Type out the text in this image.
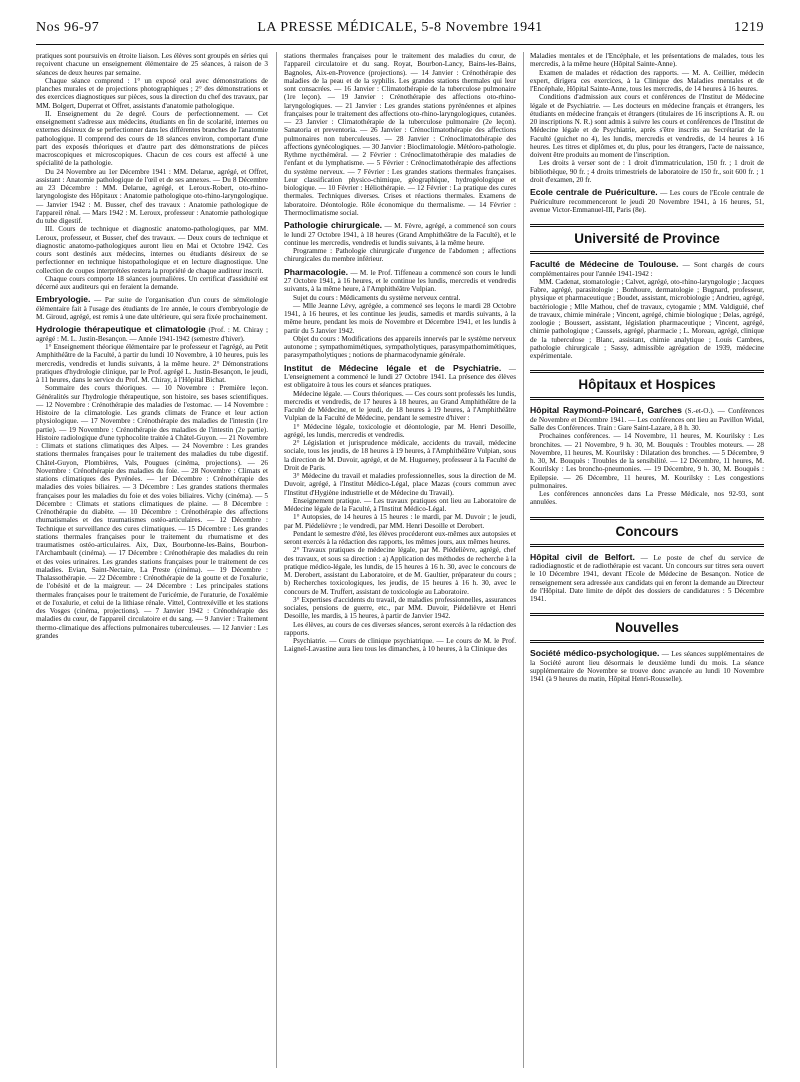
Nos 96-97	LA PRESSE MÉDICALE, 5-8 Novembre 1941	1219

pratiques sont poursuivis en étroite liaison. Les élèves sont groupés en séries qui reçoivent chacune un enseignement élémentaire de 25 séances, à raison de 3 séances de deux heures par semaine.

Chaque séance comprend : 1° un exposé oral avec démonstrations de planches murales et de projections photographiques ; 2° des démonstrations et des exercices diagnostiques sur pièces, sous la direction du chef des travaux, par MM. Bolgert, Duperrat et Offret, assistants d'anatomie pathologique.

II. Enseignement du 2e degré. Cours de perfectionnement. — Cet enseignement s'adresse aux médecins, étudiants en fin de scolarité, internes ou externes désireux de se perfectionner dans les différentes branches de l'anatomie pathologique. Il comprend des cours de 18 séances environ, comportant d'une part des exposés théoriques et d'autre part des démonstrations de pièces macroscopiques et microscopiques. Chacun de ces cours est affecté à une spécialité de la pathologie.

Du 24 Novembre au 1er Décembre 1941 : MM. Delarue, agrégé, et Offret, assistant : Anatomie pathologique de l'œil et de ses annexes. — Du 8 Décembre au 23 Décembre : MM. Delarue, agrégé, et Leroux-Robert, oto-rhino-laryngologiste des Hôpitaux : Anatomie pathologique oto-rhino-laryngologique. — Janvier 1942 : M. Busser, chef des travaux : Anatomie pathologique de l'appareil rénal. — Mars 1942 : M. Leroux, professeur : Anatomie pathologique du tube digestif.

III. Cours de technique et diagnostic anatomo-pathologiques, par MM. Leroux, professeur, et Busser, chef des travaux. — Deux cours de technique et diagnostic anatomo-pathologiques auront lieu en Mai et Octobre 1942. Ces cours sont destinés aux médecins, internes ou étudiants désireux de se perfectionner en technique histopathologique et en lecture diagnostique. Une collection de coupes interprétées restera la propriété de chaque auditeur inscrit.

Chaque cours comporte 18 séances journalières. Un certificat d'assiduité est décerné aux auditeurs qui en feraient la demande.

Embryologie. — Par suite de l'organisation d'un cours de séméiologie élémentaire fait à l'usage des étudiants de 1re année, le cours d'embryologie de M. Giroud, agrégé, est remis à une date ultérieure, qui sera fixée prochainement.

Hydrologie thérapeutique et climatologie (Prof. : M. Chiray ; agrégé : M. L. Justin-Besançon. — Année 1941-1942 (semestre d'hiver).

1° Enseignement théorique élémentaire par le professeur et l'agrégé, au Petit Amphithéâtre de la Faculté, à partir du lundi 10 Novembre, à 10 heures, puis les mercredis, vendredis et lundis suivants, à la même heure. 2° Démonstrations pratiques d'hydrologie clinique, par le Prof. agrégé L. Justin-Besançon, le jeudi, à 11 heures, dans le service du Prof. M. Chiray, à l'Hôpital Bichat.

Sommaire des cours théoriques. — 10 Novembre : Première leçon. Généralités sur l'hydrologie thérapeutique, son histoire, ses bases scientifiques. — 12 Novembre : Crénothérapie des maladies de l'estomac. — 14 Novembre : Histoire de la climatologie. Les grands climats de France et leur action physiologique. — 17 Novembre : Crénothérapie des maladies de l'intestin (1re partie). — 19 Novembre : Crénothérapie des maladies de l'intestin (2e partie). Histoire radiologique d'une typhocolite traitée à Châtel-Guyon. — 21 Novembre : Climats et stations climatiques des Alpes. — 24 Novembre : Les grandes stations thermales françaises pour le traitement des maladies du tube digestif. Châtel-Guyon, Plombières, Vals, Pougues (cinéma, projections). — 26 Novembre : Crénothérapie des maladies du foie. — 28 Novembre : Climats et stations climatiques des Pyrénées. — 1er Décembre : Crénothérapie des maladies des voies biliaires. — 3 Décembre : Les grandes stations thermales françaises pour les maladies du foie et des voies biliaires. Vichy (cinéma). — 5 Décembre : Climats et stations climatiques de plaine. — 8 Décembre : Crénothérapie du diabète. — 10 Décembre : Crénothérapie des affections rhumatismales et des traumatismes ostéo-articulaires. — 12 Décembre : Technique et surveillance des cures climatiques. — 15 Décembre : Les grandes stations thermales françaises pour le traitement du rhumatisme et des traumatismes ostéo-articulaires. Aix, Dax, Bourbonne-les-Bains, Bourbon-l'Archambault (cinéma). — 17 Décembre : Crénothérapie des maladies du rein et des voies urinaires. Les grandes stations françaises pour le traitement de ces maladies. Evian, Saint-Nectaire, La Preste (cinéma). — 19 Décembre : Thalassothérapie. — 22 Décembre : Crénothérapie de la goutte et de l'oxalurie, de l'obésité et de la maigreur. — 24 Décembre : Les principales stations thermales françaises pour le traitement de l'uricémie, de l'uraturie, de l'oxalémie et de l'oxalurie, et celui de la lithiase rénale. Vittel, Contrexéville et les stations des Vosges (cinéma, projections). — 7 Janvier 1942 : Crénothérapie des maladies du cœur, de l'appareil circulatoire et du sang. — 9 Janvier : Traitement thermo-climatique des affections pulmonaires tuberculeuses. — 12 Janvier : Les grandes

stations thermales françaises pour le traitement des maladies du cœur, de l'appareil circulatoire et du sang. Royat, Bourbon-Lancy, Bains-les-Bains, Bagnoles, Aix-en-Provence (projections). — 14 Janvier : Crénothérapie des maladies de la peau et de la syphilis. Les grandes stations thermales qui leur sont consacrées. — 16 Janvier : Climatothérapie de la tuberculose pulmonaire (1re leçon). — 19 Janvier : Crénothérapie des affections oto-rhino-laryngologiques. — 21 Janvier : Les grandes stations pyrénéennes et alpines françaises pour le traitement des affections oto-rhino-laryngologiques, cutanées. — 23 Janvier : Climatothérapie de la tuberculose pulmonaire (2e leçon). Sanatoria et preventoria. — 26 Janvier : Crénoclimatothérapie des affections pulmonaires non tuberculeuses. — 28 Janvier : Crénoclimatothérapie des affections gynécologiques. — 30 Janvier : Bioclimatologie. Météoro-pathologie. Rythme nycthéméral. — 2 Février : Crénoclimatothérapie des maladies de l'enfant et du lymphatisme. — 5 Février : Crénoclimatothérapie des affections du système nerveux. — 7 Février : Les grandes stations thermales françaises. Leur classification physico-chimique, géographique, hydrogéologique et biologique. — 10 Février : Héliothérapie. — 12 Février : La pratique des cures thermales. Techniques diverses. Crises et réactions thermales. Examens de laboratoire. Déontologie. Rôle économique du thermalisme. — 14 Février : Thermoclimatisme social.

Pathologie chirurgicale. — M. Fèvre, agrégé, a commencé son cours le lundi 27 Octobre 1941, à 18 heures (Grand Amphithéâtre de la Faculté), et le continue les mercredis, vendredis et lundis suivants, à la même heure.

Programme : Pathologie chirurgicale d'urgence de l'abdomen ; affections chirurgicales du membre inférieur.

Pharmacologie. — M. le Prof. Tiffeneau a commencé son cours le lundi 27 Octobre 1941, à 16 heures, et le continue les lundis, mercredis et vendredis suivants, à la même heure, à l'Amphithéâtre Vulpian.

Sujet du cours : Médicaments du système nerveux central.

— Mlle Jeanne Lévy, agrégée, a commencé ses leçons le mardi 28 Octobre 1941, à 16 heures, et les continue les jeudis, samedis et mardis suivants, à la même heure, pendant les mois de Novembre et Décembre 1941, et les lundis à partir du 5 Janvier 1942.

Objet du cours : Modifications des appareils innervés par le système nerveux autonome ; sympathomimétiques, sympatholytiques, parasympathomimétiques, parasympatholytiques ; notions de pharmacodynamie générale.

Institut de Médecine légale et de Psychiatrie. — L'enseignement a commencé le lundi 27 Octobre 1941. La présence des élèves est obligatoire à tous les cours et séances pratiques.

Médecine légale. — Cours théoriques. — Ces cours sont professés les lundis, mercredis et vendredis, de 17 heures à 18 heures, au Grand Amphithéâtre de la Faculté de Médecine, et le jeudi, de 18 heures à 19 heures, à l'Amphithéâtre Vulpian de la Faculté de Médecine, pendant le semestre d'hiver :

1° Médecine légale, toxicologie et déontologie, par M. Henri Desoille, agrégé, les lundis, mercredis et vendredis.

2° Législation et jurisprudence médicale, accidents du travail, médecine sociale, tous les jeudis, de 18 heures à 19 heures, à l'Amphithéâtre Vulpian, sous la direction de M. Duvoir, agrégé, et de M. Hugueney, professeur à la Faculté de Droit de Paris.

3° Médecine du travail et maladies professionnelles, sous la direction de M. Duvoir, agrégé, à l'Institut Médico-Légal, place Mazas (cours commun avec l'Institut d'Hygiène industrielle et de Médecine du Travail).

Enseignement pratique. — Les travaux pratiques ont lieu au Laboratoire de Médecine légale de la Faculté, à l'Institut Médico-Légal.

1° Autopsies, de 14 heures à 15 heures : le mardi, par M. Duvoir ; le jeudi, par M. Piédelièvre ; le vendredi, par MM. Henri Desoille et Derobert.

Pendant le semestre d'été, les élèves procéderont eux-mêmes aux autopsies et seront exercés à la rédaction des rapports, les mêmes jours, aux mêmes heures.

2° Travaux pratiques de médecine légale, par M. Piédelièvre, agrégé, chef des travaux, et sous sa direction : a) Application des méthodes de recherche à la pratique médico-légale, les lundis, de 15 heures à 16 h. 30, avec le concours de M. Derobert, assistant du Laboratoire, et de M. Gaultier, préparateur du cours ; b) Recherches toxicologiques, les jeudis, de 15 heures à 16 h. 30, avec le concours de M. Truffert, assistant de toxicologie au Laboratoire.

3° Expertises d'accidents du travail, de maladies professionnelles, assurances sociales, pensions de guerre, etc., par MM. Duvoir, Piédelièvre et Henri Desoille, les mardis, à 15 heures, à partir de Janvier 1942.

Les élèves, au cours de ces diverses séances, seront exercés à la rédaction des rapports.

Psychiatrie. — Cours de clinique psychiatrique. — Le cours de M. le Prof. Laignel-Lavastine aura lieu tous les dimanches, à 10 heures, à la Clinique des

Maladies mentales et de l'Encéphale, et les présentations de malades, tous les mercredis, à la même heure (Hôpital Sainte-Anne).

Examen de malades et rédaction des rapports. — M. A. Ceillier, médecin expert, dirigera ces exercices, à la Clinique des Maladies mentales et de l'Encéphale, Hôpital Sainte-Anne, tous les mercredis, de 14 heures à 16 heures.

Conditions d'admission aux cours et conférences de l'Institut de Médecine légale et de Psychiatrie. — Les docteurs en médecine français et étrangers, les étudiants en médecine français et étrangers (titulaires de 16 inscriptions A. R. ou 20 inscriptions N. R.) sont admis à suivre les cours et conférences de l'Institut de Médecine légale et de Psychiatrie, après s'être inscrits au Secrétariat de la Faculté (guichet no 4), les lundis, mercredis et vendredis, de 14 heures à 16 heures. Les titres et diplômes et, du plus, pour les étrangers, l'acte de naissance, doivent être produits au moment de l'inscription.

Les droits à verser sont de : 1 droit d'immatriculation, 150 fr. ; 1 droit de bibliothèque, 90 fr. ; 4 droits trimestriels de laboratoire de 150 fr., soit 600 fr. ; 1 droit d'examen, 20 fr.

Ecole centrale de Puériculture. — Les cours de l'Ecole centrale de Puériculture recommenceront le jeudi 20 Novembre 1941, à 16 heures, 51, avenue Victor-Emmanuel-III, Paris (8e).

Université de Province

Faculté de Médecine de Toulouse. — Sont chargés de cours complémentaires pour l'année 1941-1942 :

MM. Cadenat, stomatologie ; Calvet, agrégé, oto-rhino-laryngologie ; Jacques Fabre, agrégé, parasitologie ; Bonhoure, dermatologie ; Bugnard, professeur, physique et pharmaceutique ; Boudet, assistant, microbiologie ; Andrieu, agrégé, bactériologie ; Mlle Mathou, chef de travaux, cytogamie ; MM. Valdiguié, chef de travaux, chimie minérale ; Vincent, agrégé, chimie biologique ; Delas, agrégé, zoologie ; Boussert, assistant, législation pharmaceutique ; Vincent, agrégé, chimie pathologique ; Caussels, agrégé, pharmacie ; L. Moreau, agrégé, clinique de la tuberculose ; Blanc, assistant, chimie analytique ; Louis Cambres, pathologie chirurgicale ; Sassy, admissible agrégation de 1939, médecine expérimentale.

Hôpitaux et Hospices

Hôpital Raymond-Poincaré, Garches (S.-et-O.). — Conférences de Novembre et Décembre 1941. — Les conférences ont lieu au Pavillon Widal, Salle des Conférences. Train : Gare Saint-Lazare, à 8 h. 30.

Prochaines conférences. — 14 Novembre, 11 heures, M. Kourilsky : Les bronchites. — 21 Novembre, 9 h. 30, M. Bouquès : Troubles moteurs. — 28 Novembre, 11 heures, M. Kourilsky : Dilatation des bronches. — 5 Décembre, 9 h. 30, M. Bouquès : Troubles de la sensibilité. — 12 Décembre, 11 heures, M. Kourilsky : Les broncho-pneumonies. — 19 Décembre, 9 h. 30, M. Bouquès : Epilepsie. — 26 Décembre, 11 heures, M. Kourilsky : Les congestions pulmonaires.

Les conférences annoncées dans La Presse Médicale, nos 92-93, sont annulées.

Concours

Hôpital civil de Belfort. — Le poste de chef du service de radiodiagnostic et de radiothérapie est vacant. Un concours sur titres sera ouvert le 10 Décembre 1941, devant l'Ecole de Médecine de Besançon. Notice de renseignement sera adressée aux candidats qui en feront la demande au Directeur de l'Hôpital. Date limite de dépôt des dossiers de candidatures : 5 Décembre 1941.

Nouvelles

Société médico-psychologique. — Les séances supplémentaires de la Société auront lieu désormais le deuxième lundi du mois. La séance supplémentaire de Novembre se trouve donc avancée au lundi 10 Novembre 1941 (à 9 heures du matin, Hôpital Henri-Rousselle).
